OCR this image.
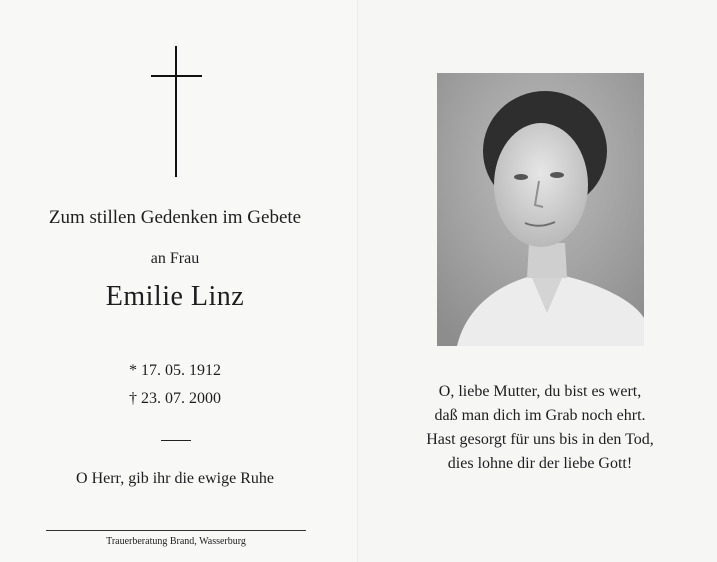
Zum stillen Gedenken im Gebete
an Frau
Emilie Linz
* 17. 05. 1912
† 23. 07. 2000
O Herr, gib ihr die ewige Ruhe
Trauerberatung Brand, Wasserburg
O, liebe Mutter, du bist es wert,
daß man dich im Grab noch ehrt.
Hast gesorgt für uns bis in den Tod,
dies lohne dir der liebe Gott!
